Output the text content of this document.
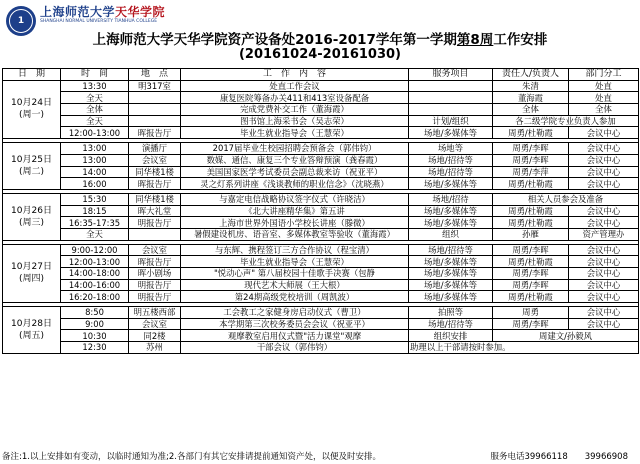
1
上海师范大学天华学院
SHANGHAI NORMAL UNIVERSITY TIANHUA COLLEGE
上海师范大学天华学院资产设备处2016-2017学年第一学期第8周工作安排
(20161024-20161030)
日　期	时　间	地　点	工　作　内　容	服务项目	责任人/负责人	部门分工

10月24日
(周一)	13:30	明317室	处直工作会议		朱清	处直
	全天		康复医院筹备办关411和413室设备配备		董海霞	处直
	全体		完成党费补交工作（董海霞）		全体	全体
	全天		图书馆上海采书会（吴志荣）	计划/组织	各二级学院专业负责人参加	
	12:00-13:00	晖报告厅	毕业生就业指导会（王慧荣）	场地/多媒体等	周勇/杜勒霞	会议中心

10月25日
(周二)	13:00	演播厅	2017届毕业生校园招聘会预备会（郭伟钧）	场地等	周勇/李晖	会议中心
	13:00	会议室	数媒、通信、康复三个专业答辩预演（龚春霞）	场地/招待等	周勇/李晖	会议中心
	14:00	同华楼1楼	美国国家医学考试委员会副总裁来访（祝亚平）	场地/招待等	周勇/李萍	会议中心
	16:00	晖报告厅	灵之灯系列讲座《浅谈教师的职业信念》（沈晓燕）	场地/多媒体等	周勇/杜勒霞	会议中心

10月26日
(周三)	15:30	同华楼1楼	与嘉定电信战略协议签字仪式（许晓洁）	场地/招待	相关人员参会及准备	
	18:15	晖大礼堂	《北大讲座精华集》第五讲	场地/多媒体等	周勇/杜勒霞	会议中心
	16:35-17:35	明报告厅	上海市世界外国语小学校长讲座（滕微）	场地/多媒体等	周勇/杜勒霞	会议中心
	全天		暑假建设机房、语音室、多媒体教室等验收（董海霞）	组织	孙雁	资产管理办

10月27日
(周四)	9:00-12:00	会议室	与东辉、携程签订三方合作协议（程宝清）	场地/招待等	周勇/李晖	会议中心
	12:00-13:00	晖报告厅	毕业生就业指导会（王慧荣）	场地/多媒体等	周勇/杜勒霞	会议中心
	14:00-18:00	晖小剧场	"悦动心声" 第八届校园十佳歌手决赛（包静	场地/多媒体等	周勇/李晖	会议中心
	14:00-16:00	明报告厅	现代艺术大师展（王大根）	场地/多媒体等	周勇/李晖	会议中心
	16:20-18:00	明报告厅	第24期高级党校培训（周凯波）	场地/多媒体等	周勇/杜勒霞	会议中心

10月28日
(周五)	8:50	明五楼西部	工会教工之家健身房启动仪式（曹卫）	拍照等	周勇	会议中心
	9:00	会议室	本学期第三次校务委员会会议（祝亚平）	场地/招待等	周勇/李晖	会议中心
	10:30	同2楼	观摩教室启用仪式暨"活力课堂"观摩	组织安排	周建文/孙毅风	
	12:30	苏州	干部会议（郭伟钧）	助理以上干部请按时参加。		
备注:1.以上安排如有变动，以临时通知为准;2.各部门有其它安排请提前通知资产处，以便及时安排。	服务电话39966118　　39966908
